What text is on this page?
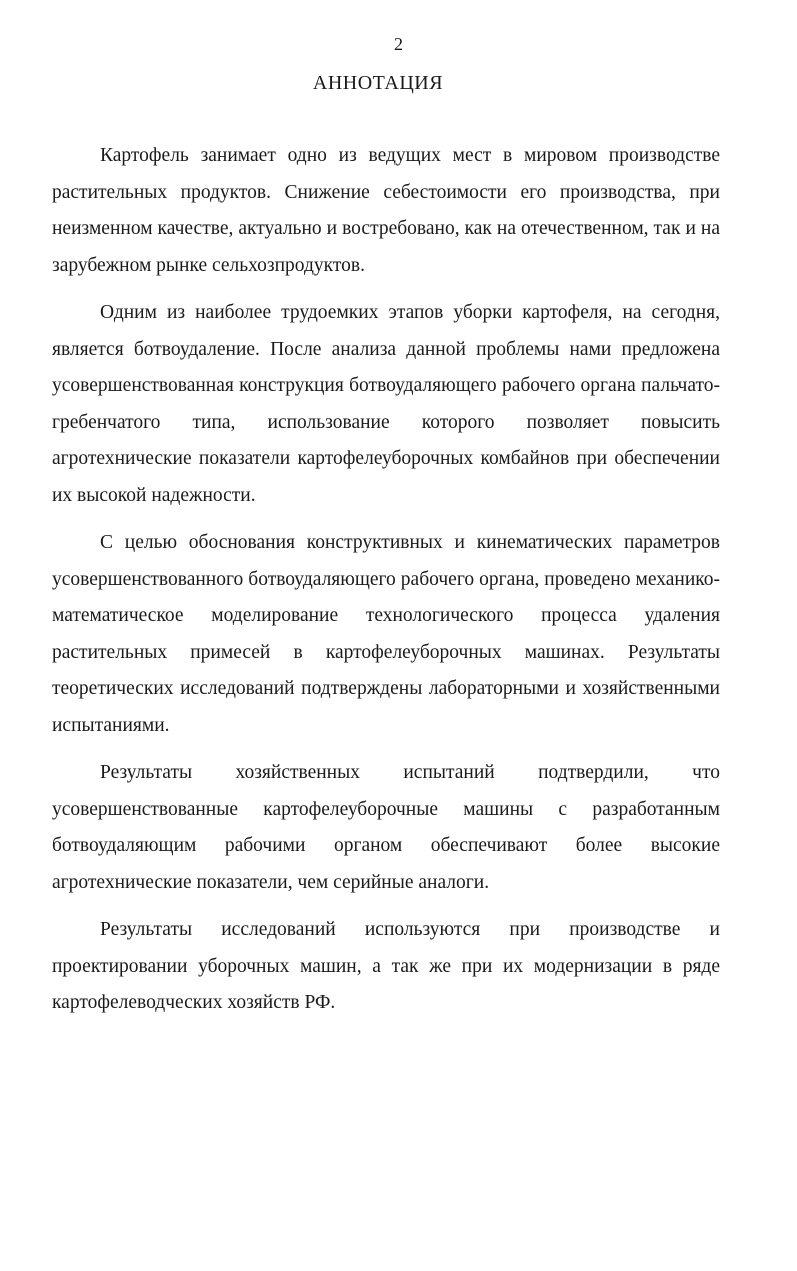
2
АННОТАЦИЯ

Картофель занимает одно из ведущих мест в мировом производстве растительных продуктов. Снижение себестоимости его производства, при неизменном качестве, актуально и востребовано, как на отечественном, так и на зарубежном рынке сельхозпродуктов.

Одним из наиболее трудоемких этапов уборки картофеля, на сегодня, является ботвоудаление. После анализа данной проблемы нами предложена усовершенствованная конструкция ботвоудаляющего рабочего органа пальчато-гребенчатого типа, использование которого позволяет повысить агротехнические показатели картофелеуборочных комбайнов при обеспечении их высокой надежности.

С целью обоснования конструктивных и кинематических параметров усовершенствованного ботвоудаляющего рабочего органа, проведено механико-математическое моделирование технологического процесса удаления растительных примесей в картофелеуборочных машинах. Результаты теоретических исследований подтверждены лабораторными и хозяйственными испытаниями.

Результаты хозяйственных испытаний подтвердили, что усовершенствованные картофелеуборочные машины с разработанным ботвоудаляющим рабочими органом обеспечивают более высокие агротехнические показатели, чем серийные аналоги.

Результаты исследований используются при производстве и проектировании уборочных машин, а так же при их модернизации в ряде картофелеводческих хозяйств РФ.
